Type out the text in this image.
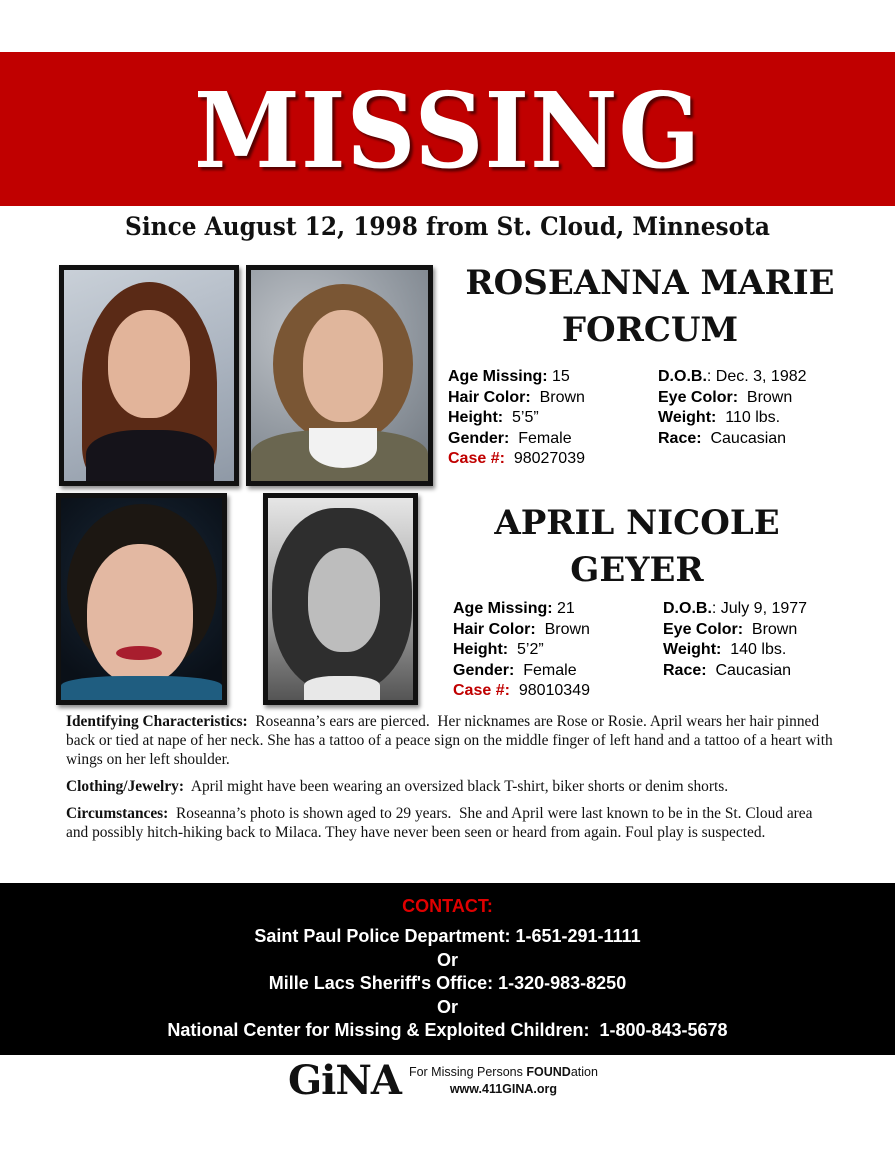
MISSING
Since August 12, 1998 from St. Cloud, Minnesota
ROSEANNA MARIE
FORCUM
Age Missing: 15	D.O.B.: Dec. 3, 1982
Hair Color:  Brown	Eye Color:  Brown
Height:  5’5”	Weight:  110 lbs.
Gender:  Female	Race:  Caucasian
Case #:  98027039
APRIL NICOLE
GEYER
Age Missing: 21	D.O.B.: July 9, 1977
Hair Color:  Brown	Eye Color:  Brown
Height:  5’2”	Weight:  140 lbs.
Gender:  Female	Race:  Caucasian
Case #:  98010349

Identifying Characteristics:  Roseanna’s ears are pierced.  Her nicknames are Rose or Rosie. April wears her hair pinned back or tied at nape of her neck. She has a tattoo of a peace sign on the middle finger of left hand and a tattoo of a heart with wings on her left shoulder.

Clothing/Jewelry:  April might have been wearing an oversized black T-shirt, biker shorts or denim shorts.

Circumstances:  Roseanna’s photo is shown aged to 29 years.  She and April were last known to be in the St. Cloud area and possibly hitch-hiking back to Milaca. They have never been seen or heard from again. Foul play is suspected.

CONTACT:
Saint Paul Police Department: 1-651-291-1111
Or
Mille Lacs Sheriff's Office: 1-320-983-8250
Or
National Center for Missing & Exploited Children:  1-800-843-5678
GiNA For Missing Persons FOUNDation
www.411GINA.org
